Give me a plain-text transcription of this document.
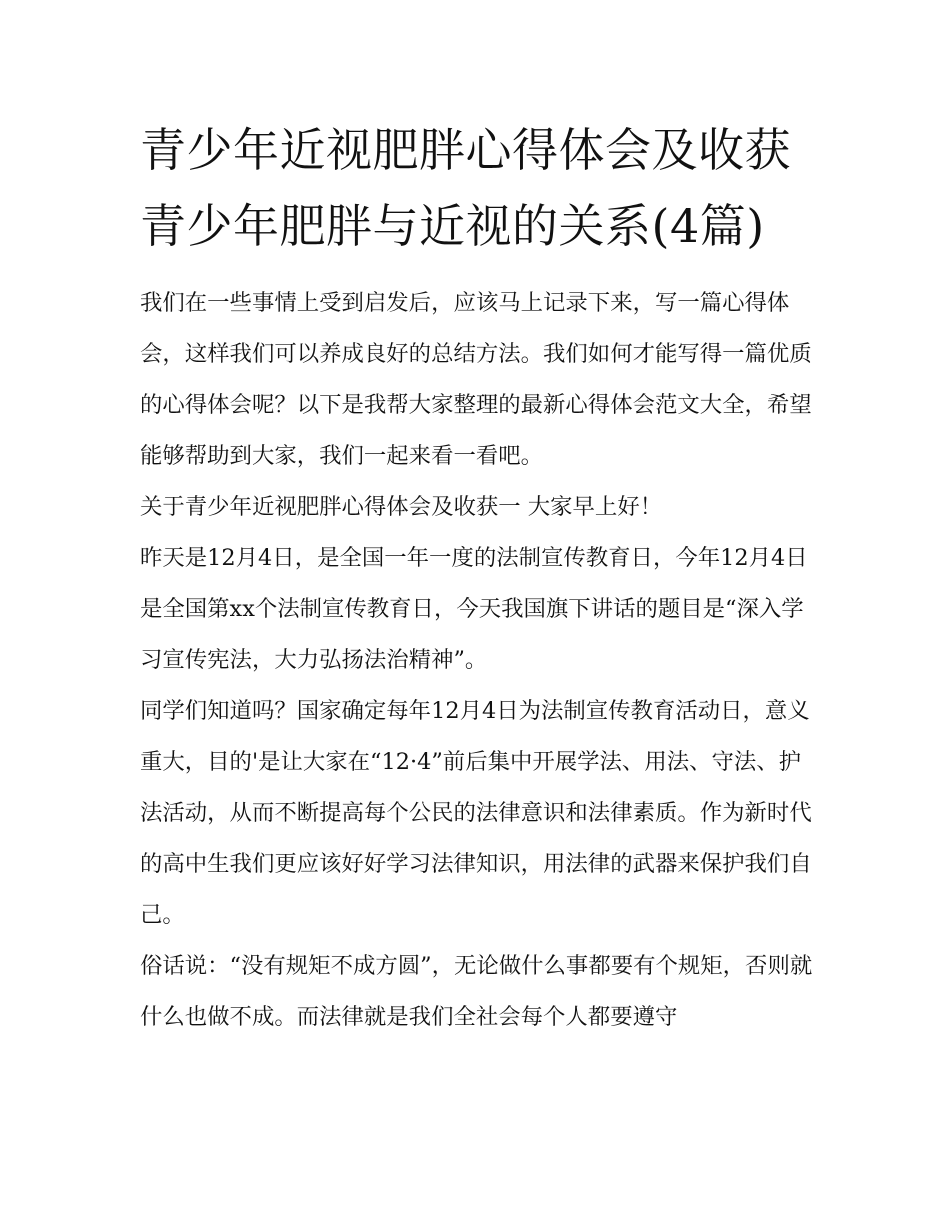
青少年近视肥胖心得体会及收获 青少年肥胖与近视的关系(4篇)

我们在一些事情上受到启发后，应该马上记录下来，写一篇心得体会，这样我们可以养成良好的总结方法。我们如何才能写得一篇优质的心得体会呢？以下是我帮大家整理的最新心得体会范文大全，希望能够帮助到大家，我们一起来看一看吧。

关于青少年近视肥胖心得体会及收获一 大家早上好！

昨天是12月4日，是全国一年一度的法制宣传教育日，今年12月4日是全国第xx个法制宣传教育日，今天我国旗下讲话的题目是“深入学习宣传宪法，大力弘扬法治精神”。

同学们知道吗？国家确定每年12月4日为法制宣传教育活动日，意义重大，目的'是让大家在“12·4”前后集中开展学法、用法、守法、护法活动，从而不断提高每个公民的法律意识和法律素质。作为新时代的高中生我们更应该好好学习法律知识，用法律的武器来保护我们自己。

俗话说：“没有规矩不成方圆”，无论做什么事都要有个规矩，否则就什么也做不成。而法律就是我们全社会每个人都要遵守
